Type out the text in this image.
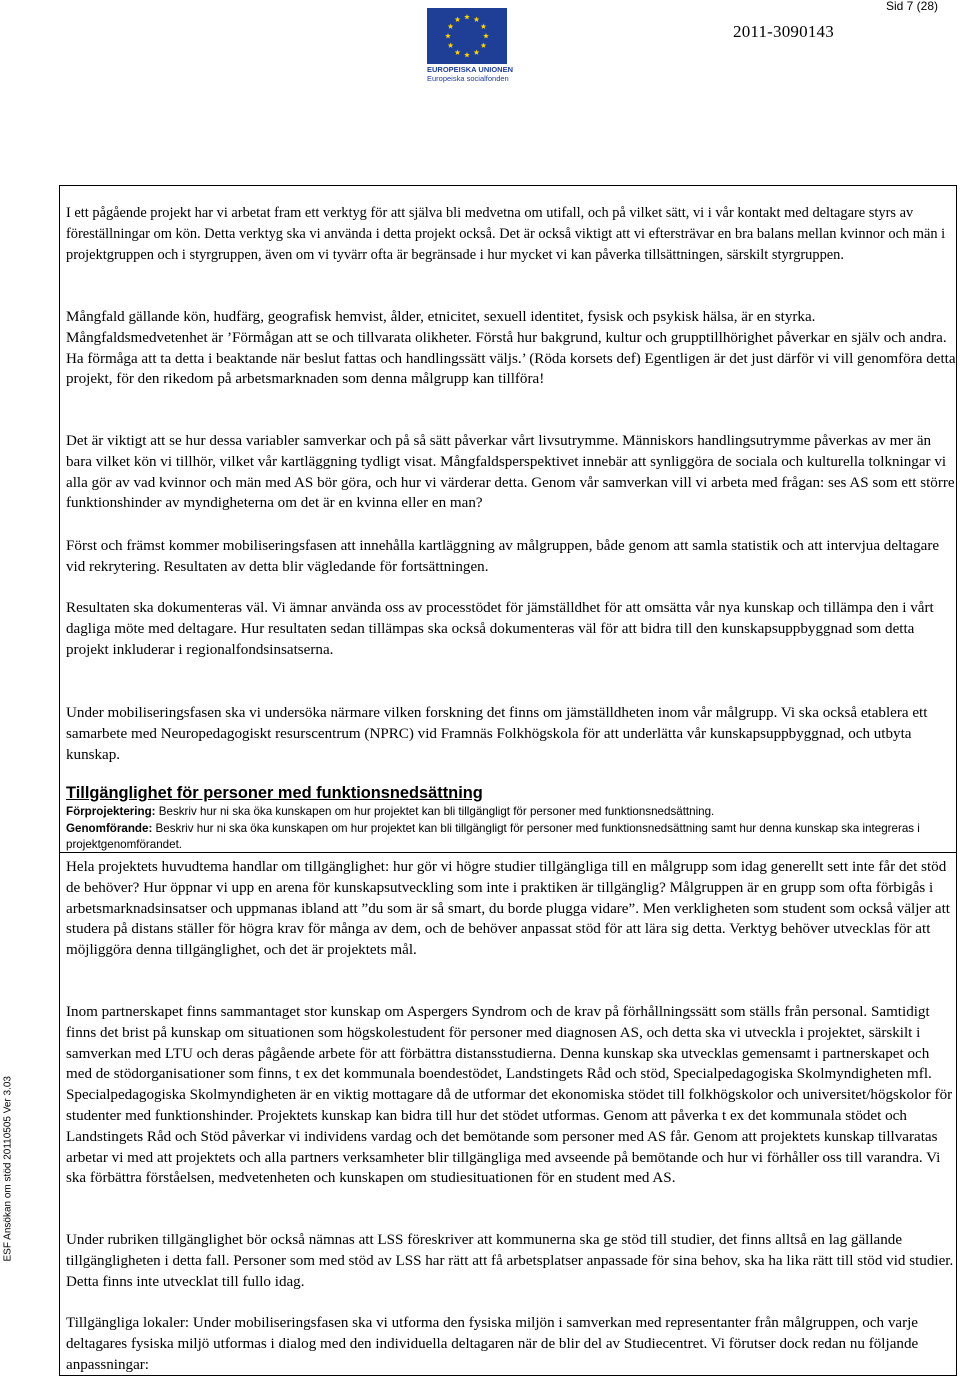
Sid 7 (28)
2011-3090143
EUROPEISKA UNIONEN
Europeiska socialfonden
ESF Ansökan om stöd 20110505 Ver 3.03
I ett pågående projekt har vi arbetat fram ett verktyg för att själva bli medvetna om utifall, och på vilket sätt, vi i vår kontakt med deltagare styrs av föreställningar om kön. Detta verktyg ska vi använda i detta projekt också. Det är också viktigt att vi eftersträvar en bra balans mellan kvinnor och män i projektgruppen och i styrgruppen, även om vi tyvärr ofta är begränsade i hur mycket vi kan påverka tillsättningen, särskilt styrgruppen.
Mångfald gällande kön, hudfärg, geografisk hemvist, ålder, etnicitet, sexuell identitet, fysisk och psykisk hälsa, är en styrka. Mångfaldsmedvetenhet är ’Förmågan att se och tillvarata olikheter. Förstå hur bakgrund, kultur och grupptillhörighet påverkar en själv och andra. Ha förmåga att ta detta i beaktande när beslut fattas och handlingssätt väljs.’ (Röda korsets def) Egentligen är det just därför vi vill genomföra detta projekt, för den rikedom på arbetsmarknaden som denna målgrupp kan tillföra!
Det är viktigt att se hur dessa variabler samverkar och på så sätt påverkar vårt livsutrymme. Människors handlingsutrymme påverkas av mer än bara vilket kön vi tillhör, vilket vår kartläggning tydligt visat. Mångfaldsperspektivet innebär att synliggöra de sociala och kulturella tolkningar vi alla gör av vad kvinnor och män med AS bör göra, och hur vi värderar detta. Genom vår samverkan vill vi arbeta med frågan: ses AS som ett större funktionshinder av myndigheterna om det är en kvinna eller en man?
Först och främst kommer mobiliseringsfasen att innehålla kartläggning av målgruppen, både genom att samla statistik och att intervjua deltagare vid rekrytering. Resultaten av detta blir vägledande för fortsättningen.
Resultaten ska dokumenteras väl. Vi ämnar använda oss av processtödet för jämställdhet för att omsätta vår nya kunskap och tillämpa den i vårt dagliga möte med deltagare. Hur resultaten sedan tillämpas ska också dokumenteras väl för att bidra till den kunskapsuppbyggnad som detta projekt inkluderar i regionalfondsinsatserna.
Under mobiliseringsfasen ska vi undersöka närmare vilken forskning det finns om jämställdheten inom vår målgrupp. Vi ska också etablera ett samarbete med Neuropedagogiskt resurscentrum (NPRC) vid Framnäs Folkhögskola för att underlätta vår kunskapsuppbyggnad, och utbyta kunskap.
Tillgänglighet för personer med funktionsnedsättning
Förprojektering: Beskriv hur ni ska öka kunskapen om hur projektet kan bli tillgängligt för personer med funktionsnedsättning.
Genomförande: Beskriv hur ni ska öka kunskapen om hur projektet kan bli tillgängligt för personer med funktionsnedsättning samt hur denna kunskap ska integreras i projektgenomförandet.
Hela projektets huvudtema handlar om tillgänglighet: hur gör vi högre studier tillgängliga till en målgrupp som idag generellt sett inte får det stöd de behöver? Hur öppnar vi upp en arena för kunskapsutveckling som inte i praktiken är tillgänglig? Målgruppen är en grupp som ofta förbigås i arbetsmarknadsinsatser och uppmanas ibland att ”du som är så smart, du borde plugga vidare”. Men verkligheten som student som också väljer att studera på distans ställer för högra krav för många av dem, och de behöver anpassat stöd för att lära sig detta. Verktyg behöver utvecklas för att möjliggöra denna tillgänglighet, och det är projektets mål.
Inom partnerskapet finns sammantaget stor kunskap om Aspergers Syndrom och de krav på förhållningssätt som ställs från personal. Samtidigt finns det brist på kunskap om situationen som högskolestudent för personer med diagnosen AS, och detta ska vi utveckla i projektet, särskilt i samverkan med LTU och deras pågående arbete för att förbättra distansstudierna. Denna kunskap ska utvecklas gemensamt i partnerskapet och med de stödorganisationer som finns, t ex det kommunala boendestödet, Landstingets Råd och stöd, Specialpedagogiska Skolmyndigheten mfl. Specialpedagogiska Skolmyndigheten är en viktig mottagare då de utformar det ekonomiska stödet till folkhögskolor och universitet/högskolor för studenter med funktionshinder. Projektets kunskap kan bidra till hur det stödet utformas. Genom att påverka t ex det kommunala stödet och Landstingets Råd och Stöd påverkar vi individens vardag och det bemötande som personer med AS får. Genom att projektets kunskap tillvaratas arbetar vi med att projektets och alla partners verksamheter blir tillgängliga med avseende på bemötande och hur vi förhåller oss till varandra. Vi ska förbättra förståelsen, medvetenheten och kunskapen om studiesituationen för en student med AS.
Under rubriken tillgänglighet bör också nämnas att LSS föreskriver att kommunerna ska ge stöd till studier, det finns alltså en lag gällande tillgängligheten i detta fall. Personer som med stöd av LSS har rätt att få arbetsplatser anpassade för sina behov, ska ha lika rätt till stöd vid studier. Detta finns inte utvecklat till fullo idag.
Tillgängliga lokaler: Under mobiliseringsfasen ska vi utforma den fysiska miljön i samverkan med representanter från målgruppen, och varje deltagares fysiska miljö utformas i dialog med den individuella deltagaren när de blir del av Studiecentret. Vi förutser dock redan nu följande anpassningar:
